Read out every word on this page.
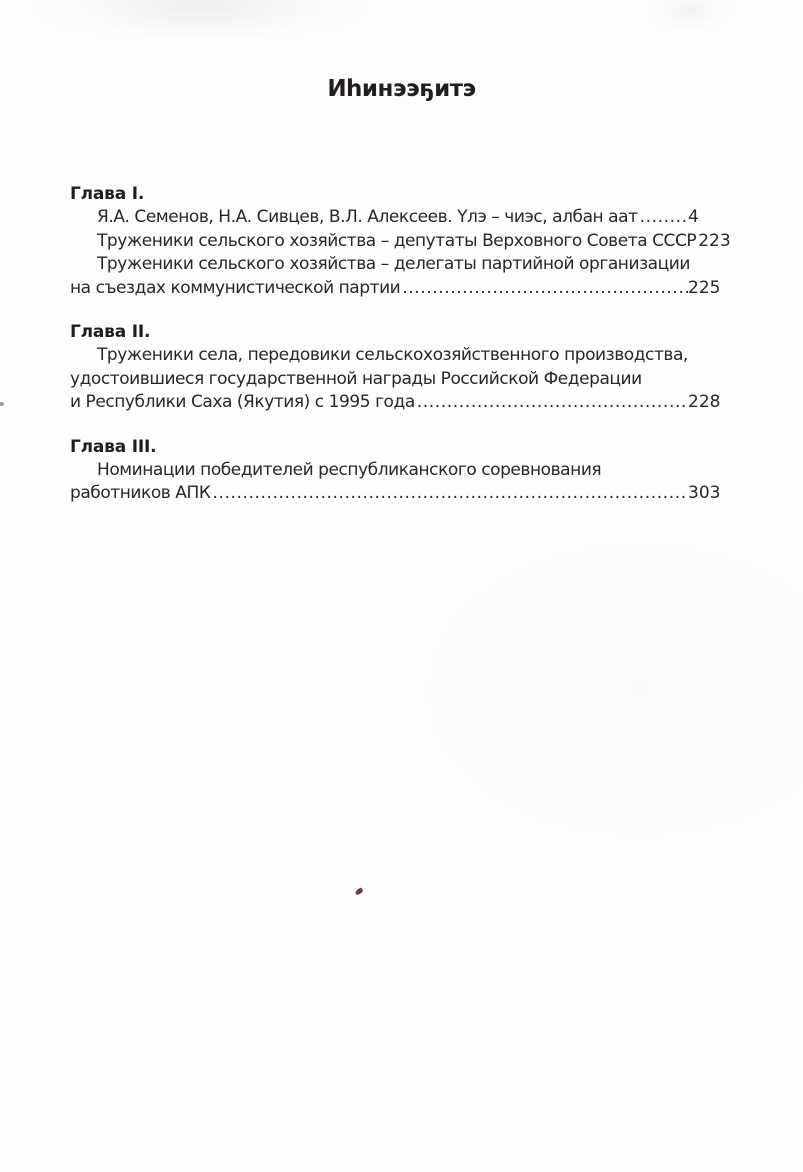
Иһинээҕитэ
Глава I.
Я.А. Семенов, Н.А. Сивцев, В.Л. Алексеев. Үлэ – чиэс, албан аат .....	4
Труженики сельского хозяйства – депутаты Верховного Совета СССР ..... 223
Труженики сельского хозяйства – делегаты партийной организации
на съездах коммунистической партии .....	225
Глава II.
Труженики села, передовики сельскохозяйственного производства,
удостоившиеся государственной награды Российской Федерации
и Республики Саха (Якутия) с 1995 года .....	228
Глава III.
Номинации победителей республиканского соревнования
работников АПК .....	303
